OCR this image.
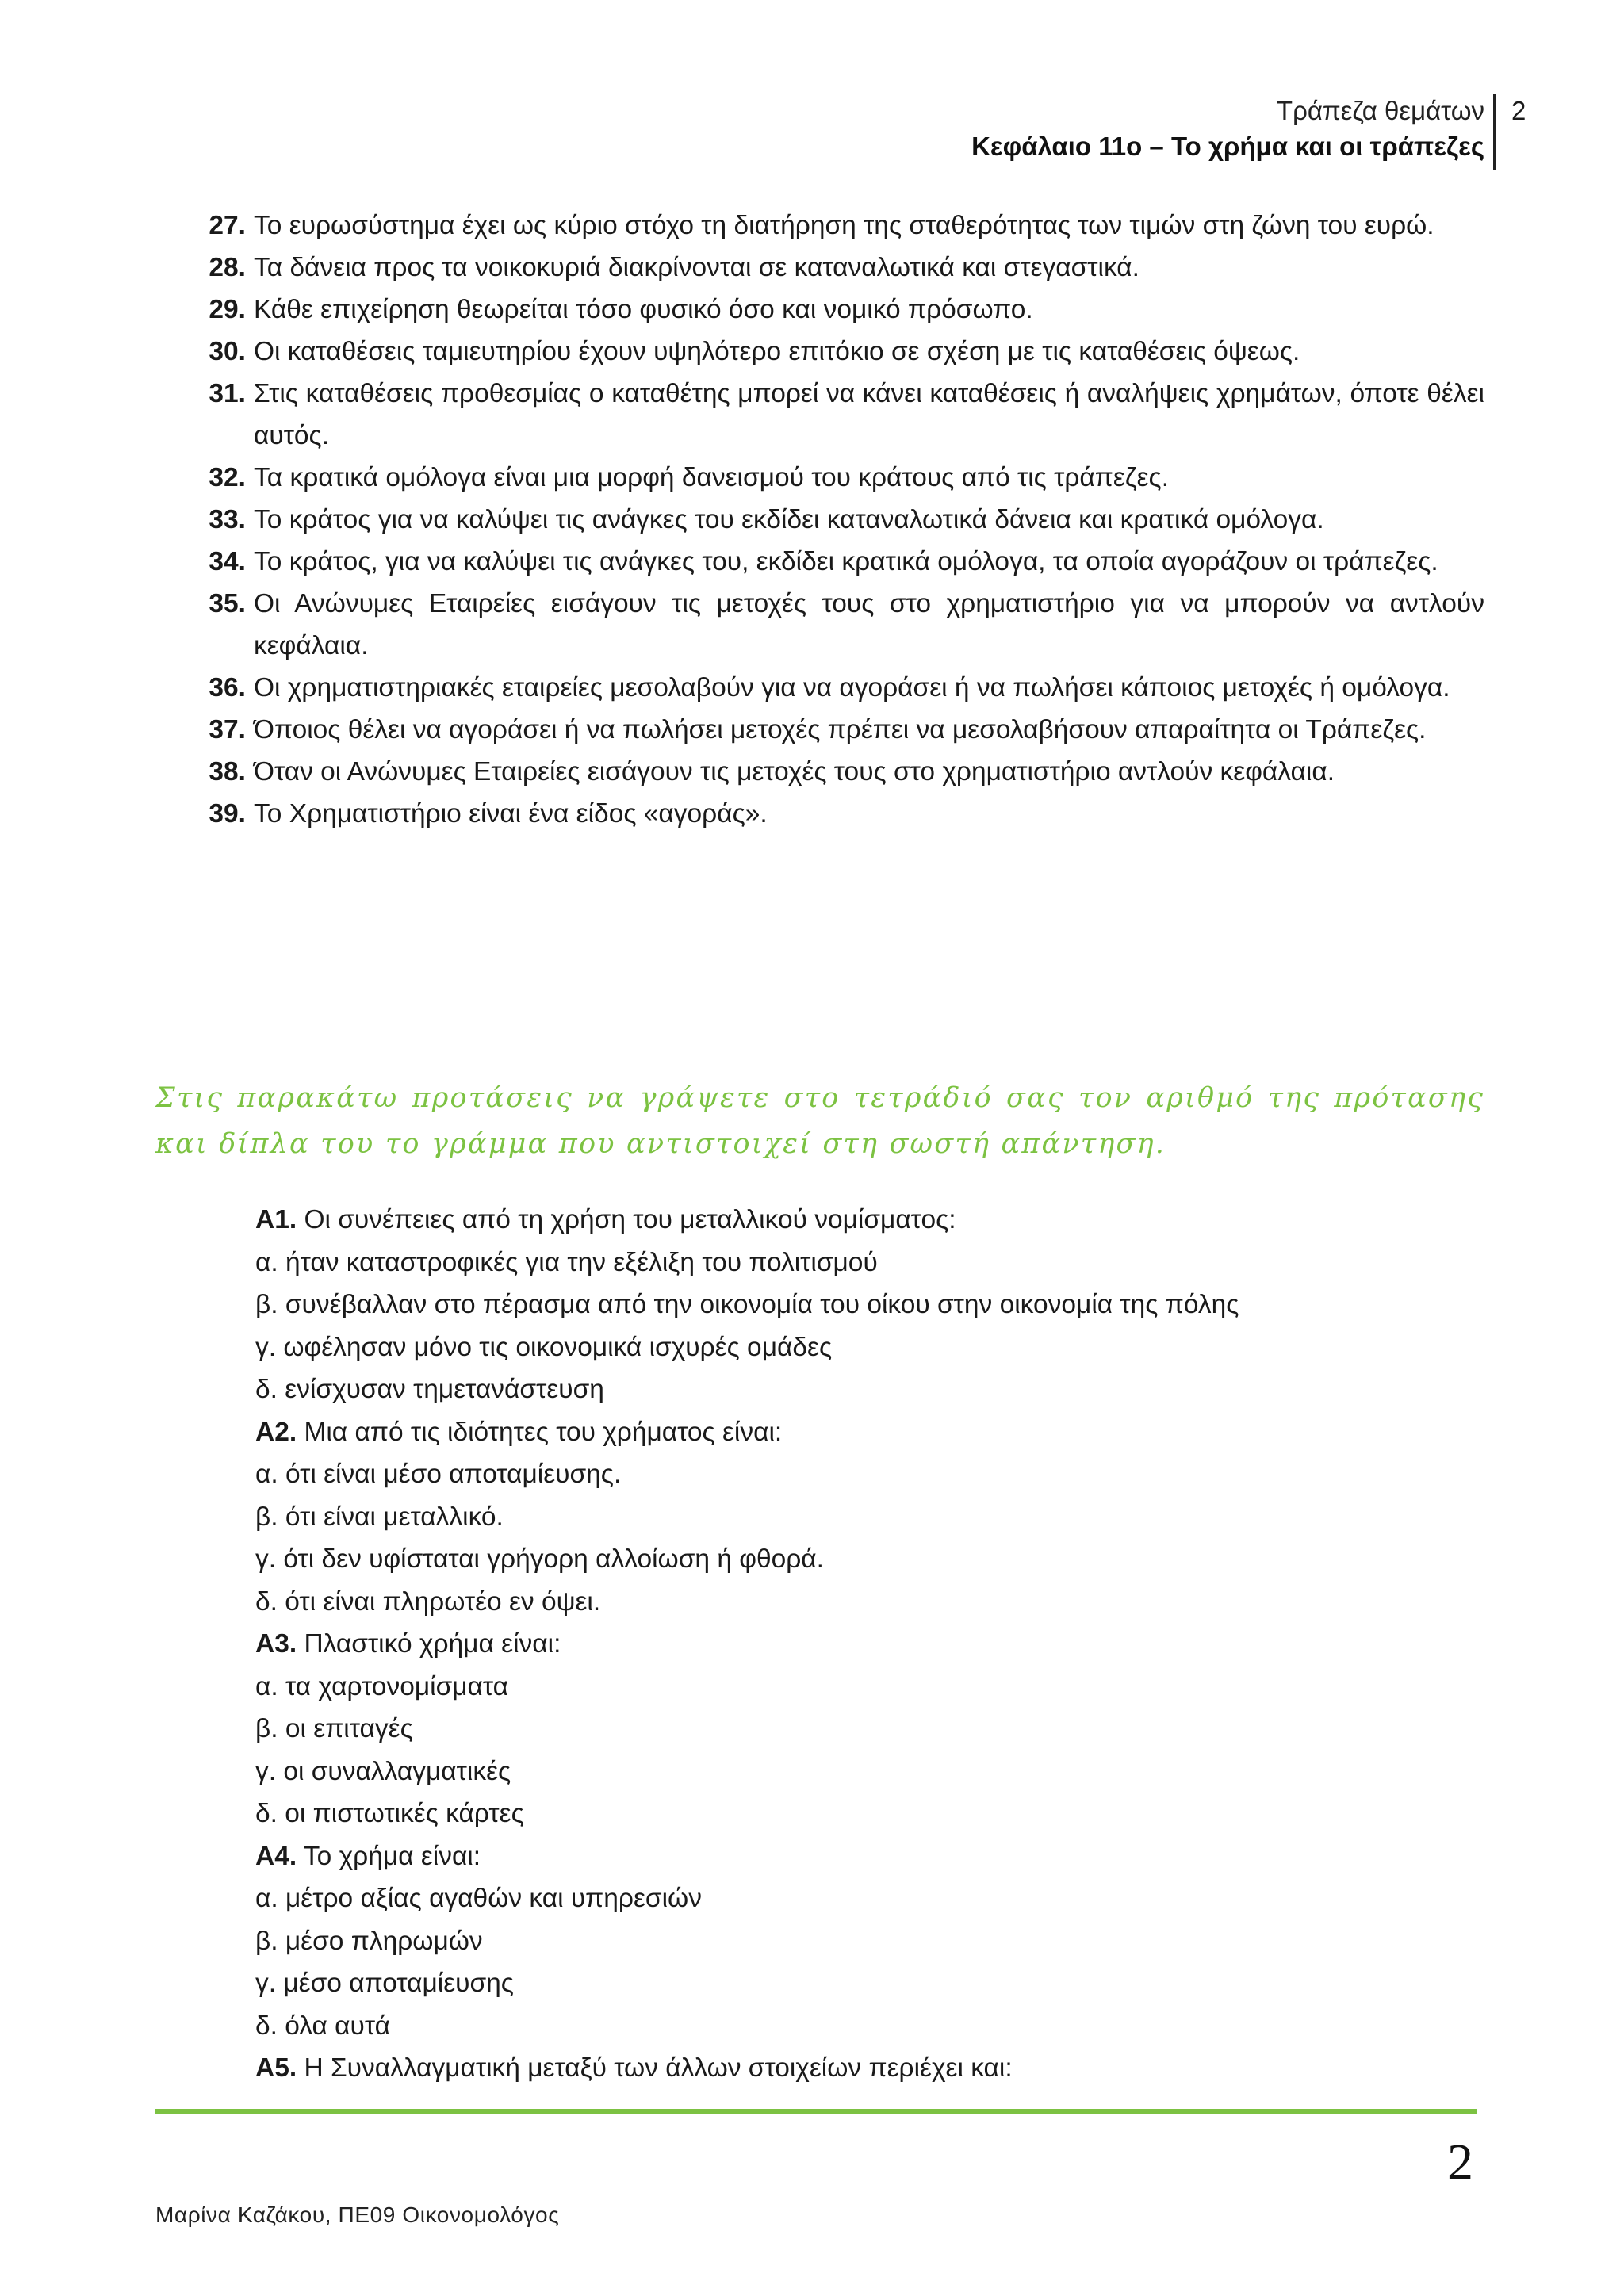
Τράπεζα θεμάτων
Κεφάλαιο 11ο – Το χρήμα και οι τράπεζες
2
27. Το ευρωσύστημα έχει ως κύριο στόχο τη διατήρηση της σταθερότητας των τιμών στη ζώνη του ευρώ.
28. Τα δάνεια προς τα νοικοκυριά διακρίνονται σε καταναλωτικά και στεγαστικά.
29. Κάθε επιχείρηση θεωρείται τόσο φυσικό όσο και νομικό πρόσωπο.
30. Οι καταθέσεις ταμιευτηρίου έχουν υψηλότερο επιτόκιο σε σχέση με τις καταθέσεις όψεως.
31. Στις καταθέσεις προθεσμίας ο καταθέτης μπορεί να κάνει καταθέσεις ή αναλήψεις χρημάτων, όποτε θέλει αυτός.
32. Τα κρατικά ομόλογα είναι μια μορφή δανεισμού του κράτους από τις τράπεζες.
33. Το κράτος για να καλύψει τις ανάγκες του εκδίδει καταναλωτικά δάνεια και κρατικά ομόλογα.
34. Το κράτος, για να καλύψει τις ανάγκες του, εκδίδει κρατικά ομόλογα, τα οποία αγοράζουν οι τράπεζες.
35. Οι Ανώνυμες Εταιρείες εισάγουν τις μετοχές τους στο χρηματιστήριο για να μπορούν να αντλούν κεφάλαια.
36. Οι χρηματιστηριακές εταιρείες μεσολαβούν για να αγοράσει ή να πωλήσει κάποιος μετοχές ή ομόλογα.
37. Όποιος θέλει να αγοράσει ή να πωλήσει μετοχές πρέπει να μεσολαβήσουν απαραίτητα οι Τράπεζες.
38. Όταν οι Ανώνυμες Εταιρείες εισάγουν τις μετοχές τους στο χρηματιστήριο αντλούν κεφάλαια.
39. Το Χρηματιστήριο είναι ένα είδος «αγοράς».
Στις παρακάτω προτάσεις να γράψετε στο τετράδιό σας τον αριθμό της πρότασης και δίπλα του το γράμμα που αντιστοιχεί στη σωστή απάντηση.
Α1. Οι συνέπειες από τη χρήση του μεταλλικού νομίσματος:
α. ήταν καταστροφικές για την εξέλιξη του πολιτισμού
β. συνέβαλλαν στο πέρασμα από την οικονομία του οίκου στην οικονομία της πόλης
γ. ωφέλησαν μόνο τις οικονομικά ισχυρές ομάδες
δ. ενίσχυσαν τημετανάστευση
Α2. Μια από τις ιδιότητες του χρήματος είναι:
α. ότι είναι μέσο αποταμίευσης.
β. ότι είναι μεταλλικό.
γ. ότι δεν υφίσταται γρήγορη αλλοίωση ή φθορά.
δ. ότι είναι πληρωτέο εν όψει.
Α3. Πλαστικό χρήμα είναι:
α. τα χαρτονομίσματα
β. οι επιταγές
γ. οι συναλλαγματικές
δ. οι πιστωτικές κάρτες
Α4. Το χρήμα είναι:
α. μέτρο αξίας αγαθών και υπηρεσιών
β. μέσο πληρωμών
γ. μέσο αποταμίευσης
δ. όλα αυτά
Α5. Η Συναλλαγματική μεταξύ των άλλων στοιχείων περιέχει και:
2
Μαρίνα Καζάκου, ΠΕ09 Οικονομολόγος
